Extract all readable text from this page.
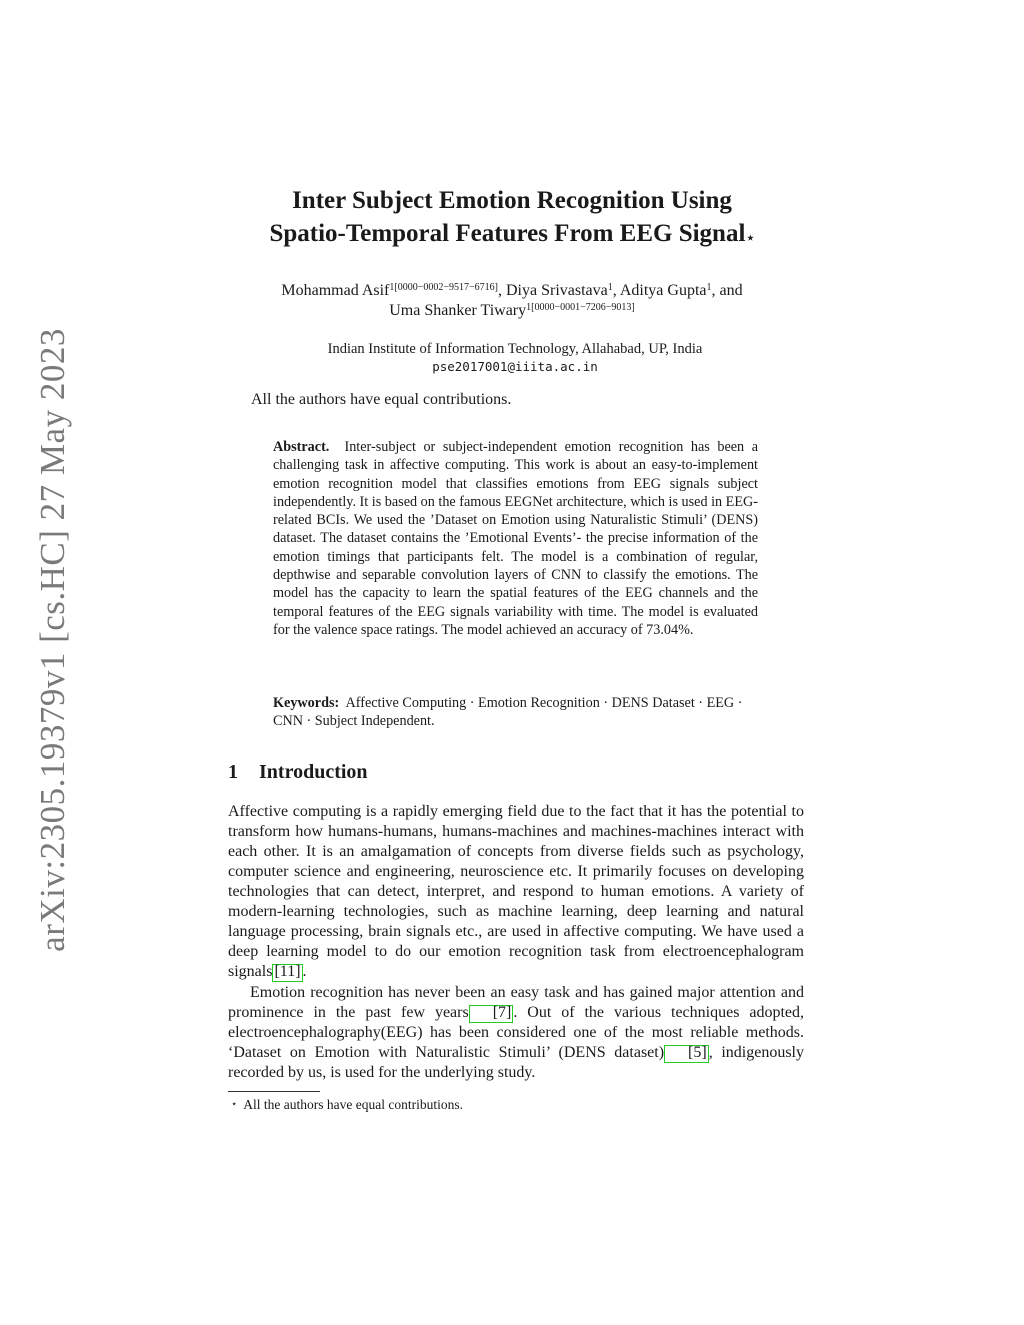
arXiv:2305.19379v1 [cs.HC] 27 May 2023
Inter Subject Emotion Recognition Using
Spatio-Temporal Features From EEG Signal⋆
Mohammad Asif$^{1[0000-0002-9517-6716]}$, Diya Srivastava$^1$, Aditya Gupta$^1$, and
Uma Shanker Tiwary$^{1[0000-0001-7206-9013]}$
Indian Institute of Information Technology, Allahabad, UP, India
pse2017001@iiita.ac.in
All the authors have equal contributions.
Abstract. Inter-subject or subject-independent emotion recognition has been a challenging task in affective computing. This work is about an easy-to-implement emotion recognition model that classifies emotions from EEG signals subject independently. It is based on the famous EEGNet architecture, which is used in EEG-related BCIs. We used the ’Dataset on Emotion using Naturalistic Stimuli’ (DENS) dataset. The dataset contains the ’Emotional Events’- the precise information of the emotion timings that participants felt. The model is a combination of regular, depthwise and separable convolution layers of CNN to classify the emotions. The model has the capacity to learn the spatial features of the EEG channels and the temporal features of the EEG signals variability with time. The model is evaluated for the valence space ratings. The model achieved an accuracy of 73.04%.
Keywords: Affective Computing · Emotion Recognition · DENS Dataset · EEG · CNN · Subject Independent.
1 Introduction
Affective computing is a rapidly emerging field due to the fact that it has the potential to transform how humans-humans, humans-machines and machines-machines interact with each other. It is an amalgamation of concepts from diverse fields such as psychology, computer science and engineering, neuroscience etc. It primarily focuses on developing technologies that can detect, interpret, and respond to human emotions. A variety of modern-learning technologies, such as machine learning, deep learning and natural language processing, brain signals etc., are used in affective computing. We have used a deep learning model to do our emotion recognition task from electroencephalogram signals [11] .
Emotion recognition has never been an easy task and has gained major attention and prominence in the past few years [7] . Out of the various techniques adopted, electroencephalography(EEG) has been considered one of the most reliable methods. ‘Dataset on Emotion with Naturalistic Stimuli’ (DENS dataset) [5] , indigenously recorded by us, is used for the underlying study.
⋆ All the authors have equal contributions.
